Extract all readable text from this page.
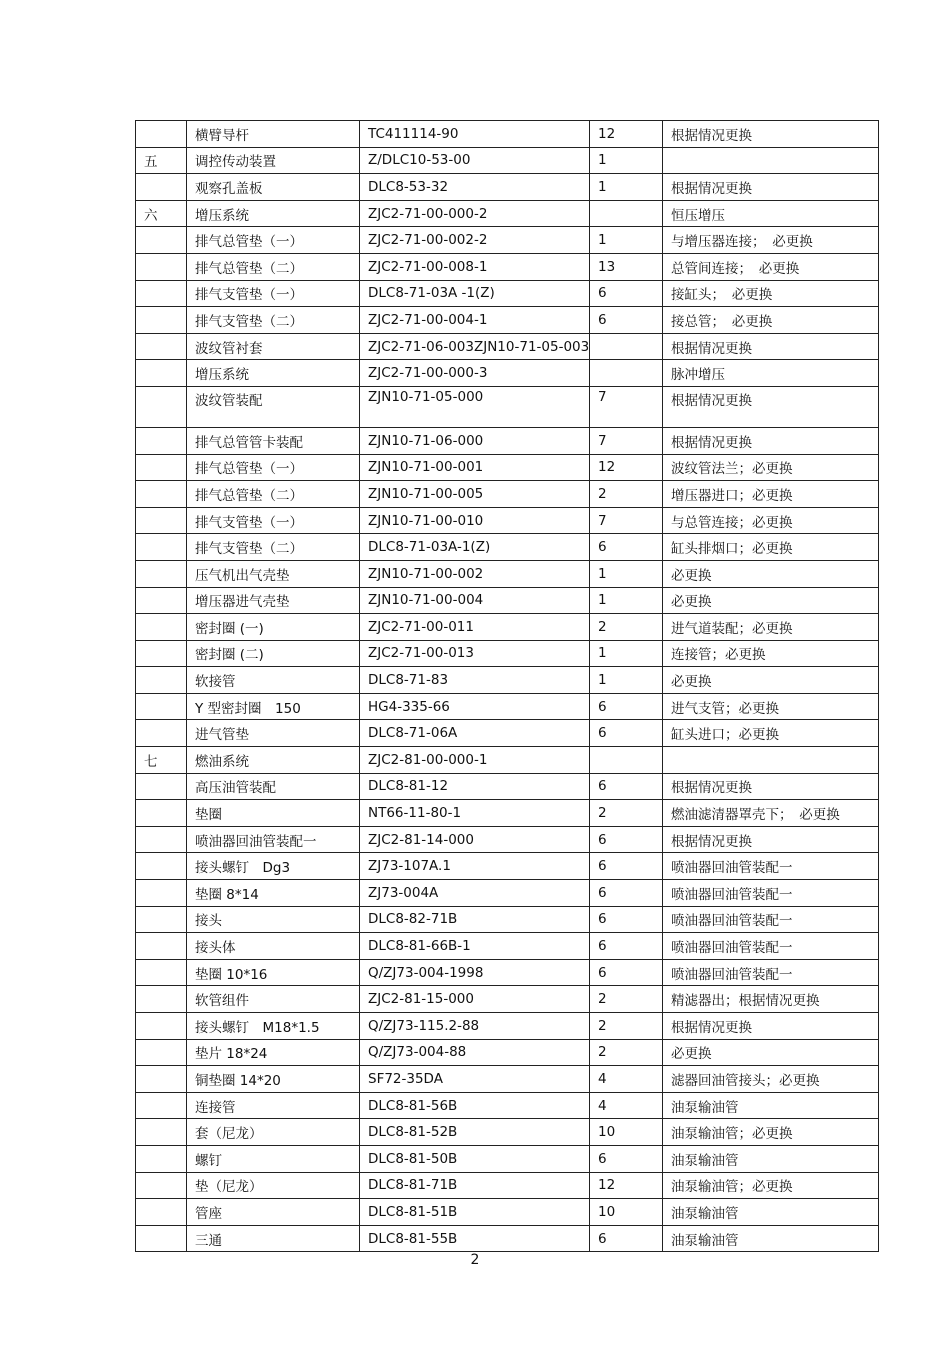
	横臂导杆	TC411114-90	12	根据情况更换
五	调控传动装置	Z/DLC10-53-00	1	
	观察孔盖板	DLC8-53-32	1	根据情况更换
六	增压系统	ZJC2-71-00-000-2		恒压增压
	排气总管垫（一）	ZJC2-71-00-002-2	1	与增压器连接；　必更换
	排气总管垫（二）	ZJC2-71-00-008-1	13	总管间连接；　必更换
	排气支管垫（一）	DLC8-71-03A -1(Z)	6	接缸头；　必更换
	排气支管垫（二）	ZJC2-71-00-004-1	6	接总管；　必更换
	波纹管衬套	ZJC2-71-06-003ZJN10-71-05-003		根据情况更换
	增压系统	ZJC2-71-00-000-3		脉冲增压
	波纹管装配	ZJN10-71-05-000	7	根据情况更换
	排气总管管卡装配	ZJN10-71-06-000	7	根据情况更换
	排气总管垫（一）	ZJN10-71-00-001	12	波纹管法兰；必更换
	排气总管垫（二）	ZJN10-71-00-005	2	增压器进口；必更换
	排气支管垫（一）	ZJN10-71-00-010	7	与总管连接；必更换
	排气支管垫（二）	DLC8-71-03A-1(Z)	6	缸头排烟口；必更换
	压气机出气壳垫	ZJN10-71-00-002	1	必更换
	增压器进气壳垫	ZJN10-71-00-004	1	必更换
	密封圈 (一)	ZJC2-71-00-011	2	进气道装配；必更换
	密封圈 (二)	ZJC2-71-00-013	1	连接管；必更换
	软接管	DLC8-71-83	1	必更换
	Y 型密封圈　150	HG4-335-66	6	进气支管；必更换
	进气管垫	DLC8-71-06A	6	缸头进口；必更换
七	燃油系统	ZJC2-81-00-000-1		
	高压油管装配	DLC8-81-12	6	根据情况更换
	垫圈	NT66-11-80-1	2	燃油滤清器罩壳下；　必更换
	喷油器回油管装配一	ZJC2-81-14-000	6	根据情况更换
	接头螺钉　Dg3	ZJ73-107A.1	6	喷油器回油管装配一
	垫圈 8*14	ZJ73-004A	6	喷油器回油管装配一
	接头	DLC8-82-71B	6	喷油器回油管装配一
	接头体	DLC8-81-66B-1	6	喷油器回油管装配一
	垫圈 10*16	Q/ZJ73-004-1998	6	喷油器回油管装配一
	软管组件	ZJC2-81-15-000	2	精滤器出；根据情况更换
	接头螺钉　M18*1.5	Q/ZJ73-115.2-88	2	根据情况更换
	垫片 18*24	Q/ZJ73-004-88	2	必更换
	铜垫圈 14*20	SF72-35DA	4	滤器回油管接头；必更换
	连接管	DLC8-81-56B	4	油泵输油管
	套（尼龙）	DLC8-81-52B	10	油泵输油管；必更换
	螺钉	DLC8-81-50B	6	油泵输油管
	垫（尼龙）	DLC8-81-71B	12	油泵输油管；必更换
	管座	DLC8-81-51B	10	油泵输油管
	三通	DLC8-81-55B	6	油泵输油管
2
